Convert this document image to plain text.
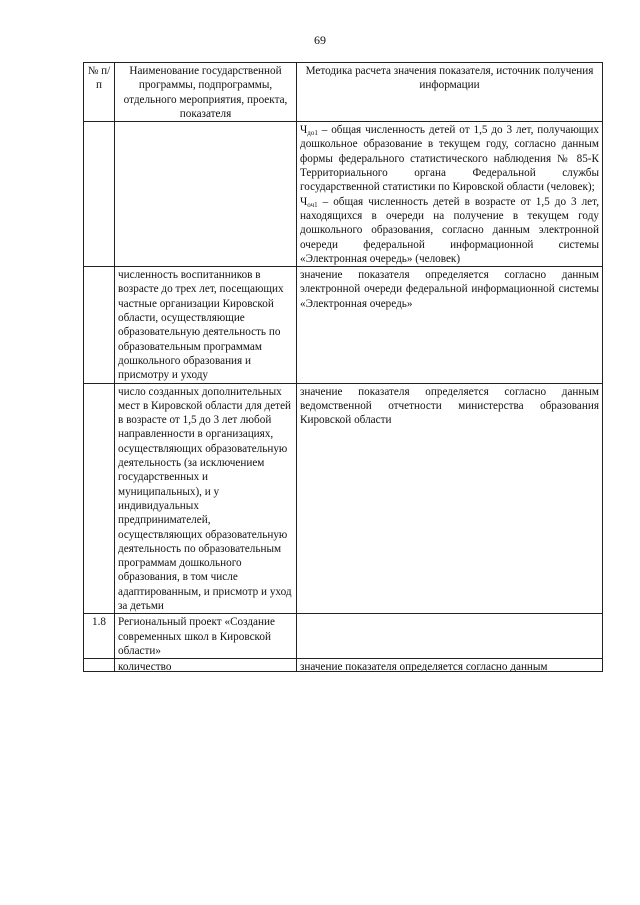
69
№ п/п	Наименование государственной программы, подпрограммы, отдельного мероприятия, проекта, показателя	Методика расчета значения показателя, источник получения информации

		$Ч_{до1}$ – общая численность детей от 1,5 до 3 лет, получающих дошкольное образование в текущем году, согласно данным формы федерального статистического наблюдения № 85-К Территориального органа Федеральной службы государственной статистики по Кировской области (человек);
$Ч_{оч1}$ – общая численность детей в возрасте от 1,5 до 3 лет, находящихся в очереди на получение в текущем году дошкольного образования, согласно данным электронной очереди федеральной информационной системы «Электронная очередь» (человек)

	численность воспитанников в возрасте до трех лет, посещающих частные организации Кировской области, осуществляющие образовательную деятельность по образовательным программам дошкольного образования и присмотру и уходу	значение показателя определяется согласно данным электронной очереди федеральной информационной системы «Электронная очередь»
	число созданных дополнительных мест в Кировской области для детей в возрасте от 1,5 до 3 лет любой направленности в организациях, осуществляющих образовательную деятельность (за исключением государственных и муниципальных), и у индивидуальных предпринимателей, осуществляющих образовательную деятельность по образовательным программам дошкольного образования, в том числе адаптированным, и присмотр и уход за детьми	значение показателя определяется согласно данным ведомственной отчетности министерства образования Кировской области
1.8	Региональный проект «Создание современных школ в Кировской области»	

	количество	значение показателя определяется согласно данным
